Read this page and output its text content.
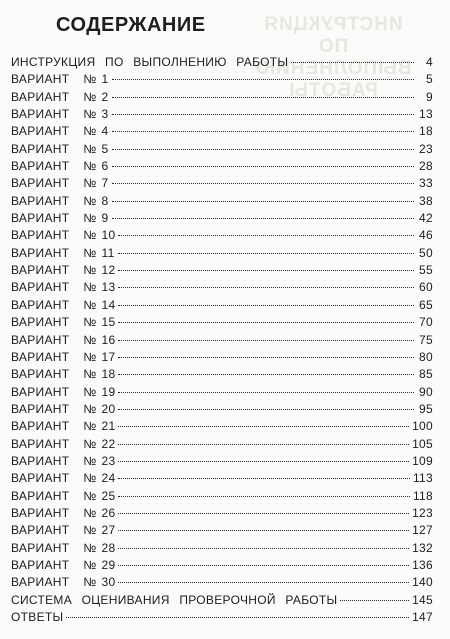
ИНСТРУКЦИЯ
ПО ВЫПОЛНЕНИЮ РАБОТЫ
СОДЕРЖАНИЕ
ИНСТРУКЦИЯ ПО ВЫПОЛНЕНИЮ РАБОТЫ	4
ВАРИАНТ № 1	5
ВАРИАНТ № 2	9
ВАРИАНТ № 3	13
ВАРИАНТ № 4	18
ВАРИАНТ № 5	23
ВАРИАНТ № 6	28
ВАРИАНТ № 7	33
ВАРИАНТ № 8	38
ВАРИАНТ № 9	42
ВАРИАНТ № 10	46
ВАРИАНТ № 11	50
ВАРИАНТ № 12	55
ВАРИАНТ № 13	60
ВАРИАНТ № 14	65
ВАРИАНТ № 15	70
ВАРИАНТ № 16	75
ВАРИАНТ № 17	80
ВАРИАНТ № 18	85
ВАРИАНТ № 19	90
ВАРИАНТ № 20	95
ВАРИАНТ № 21	100
ВАРИАНТ № 22	105
ВАРИАНТ № 23	109
ВАРИАНТ № 24	113
ВАРИАНТ № 25	118
ВАРИАНТ № 26	123
ВАРИАНТ № 27	127
ВАРИАНТ № 28	132
ВАРИАНТ № 29	136
ВАРИАНТ № 30	140
СИСТЕМА ОЦЕНИВАНИЯ ПРОВЕРОЧНОЙ РАБОТЫ	145
ОТВЕТЫ	147
